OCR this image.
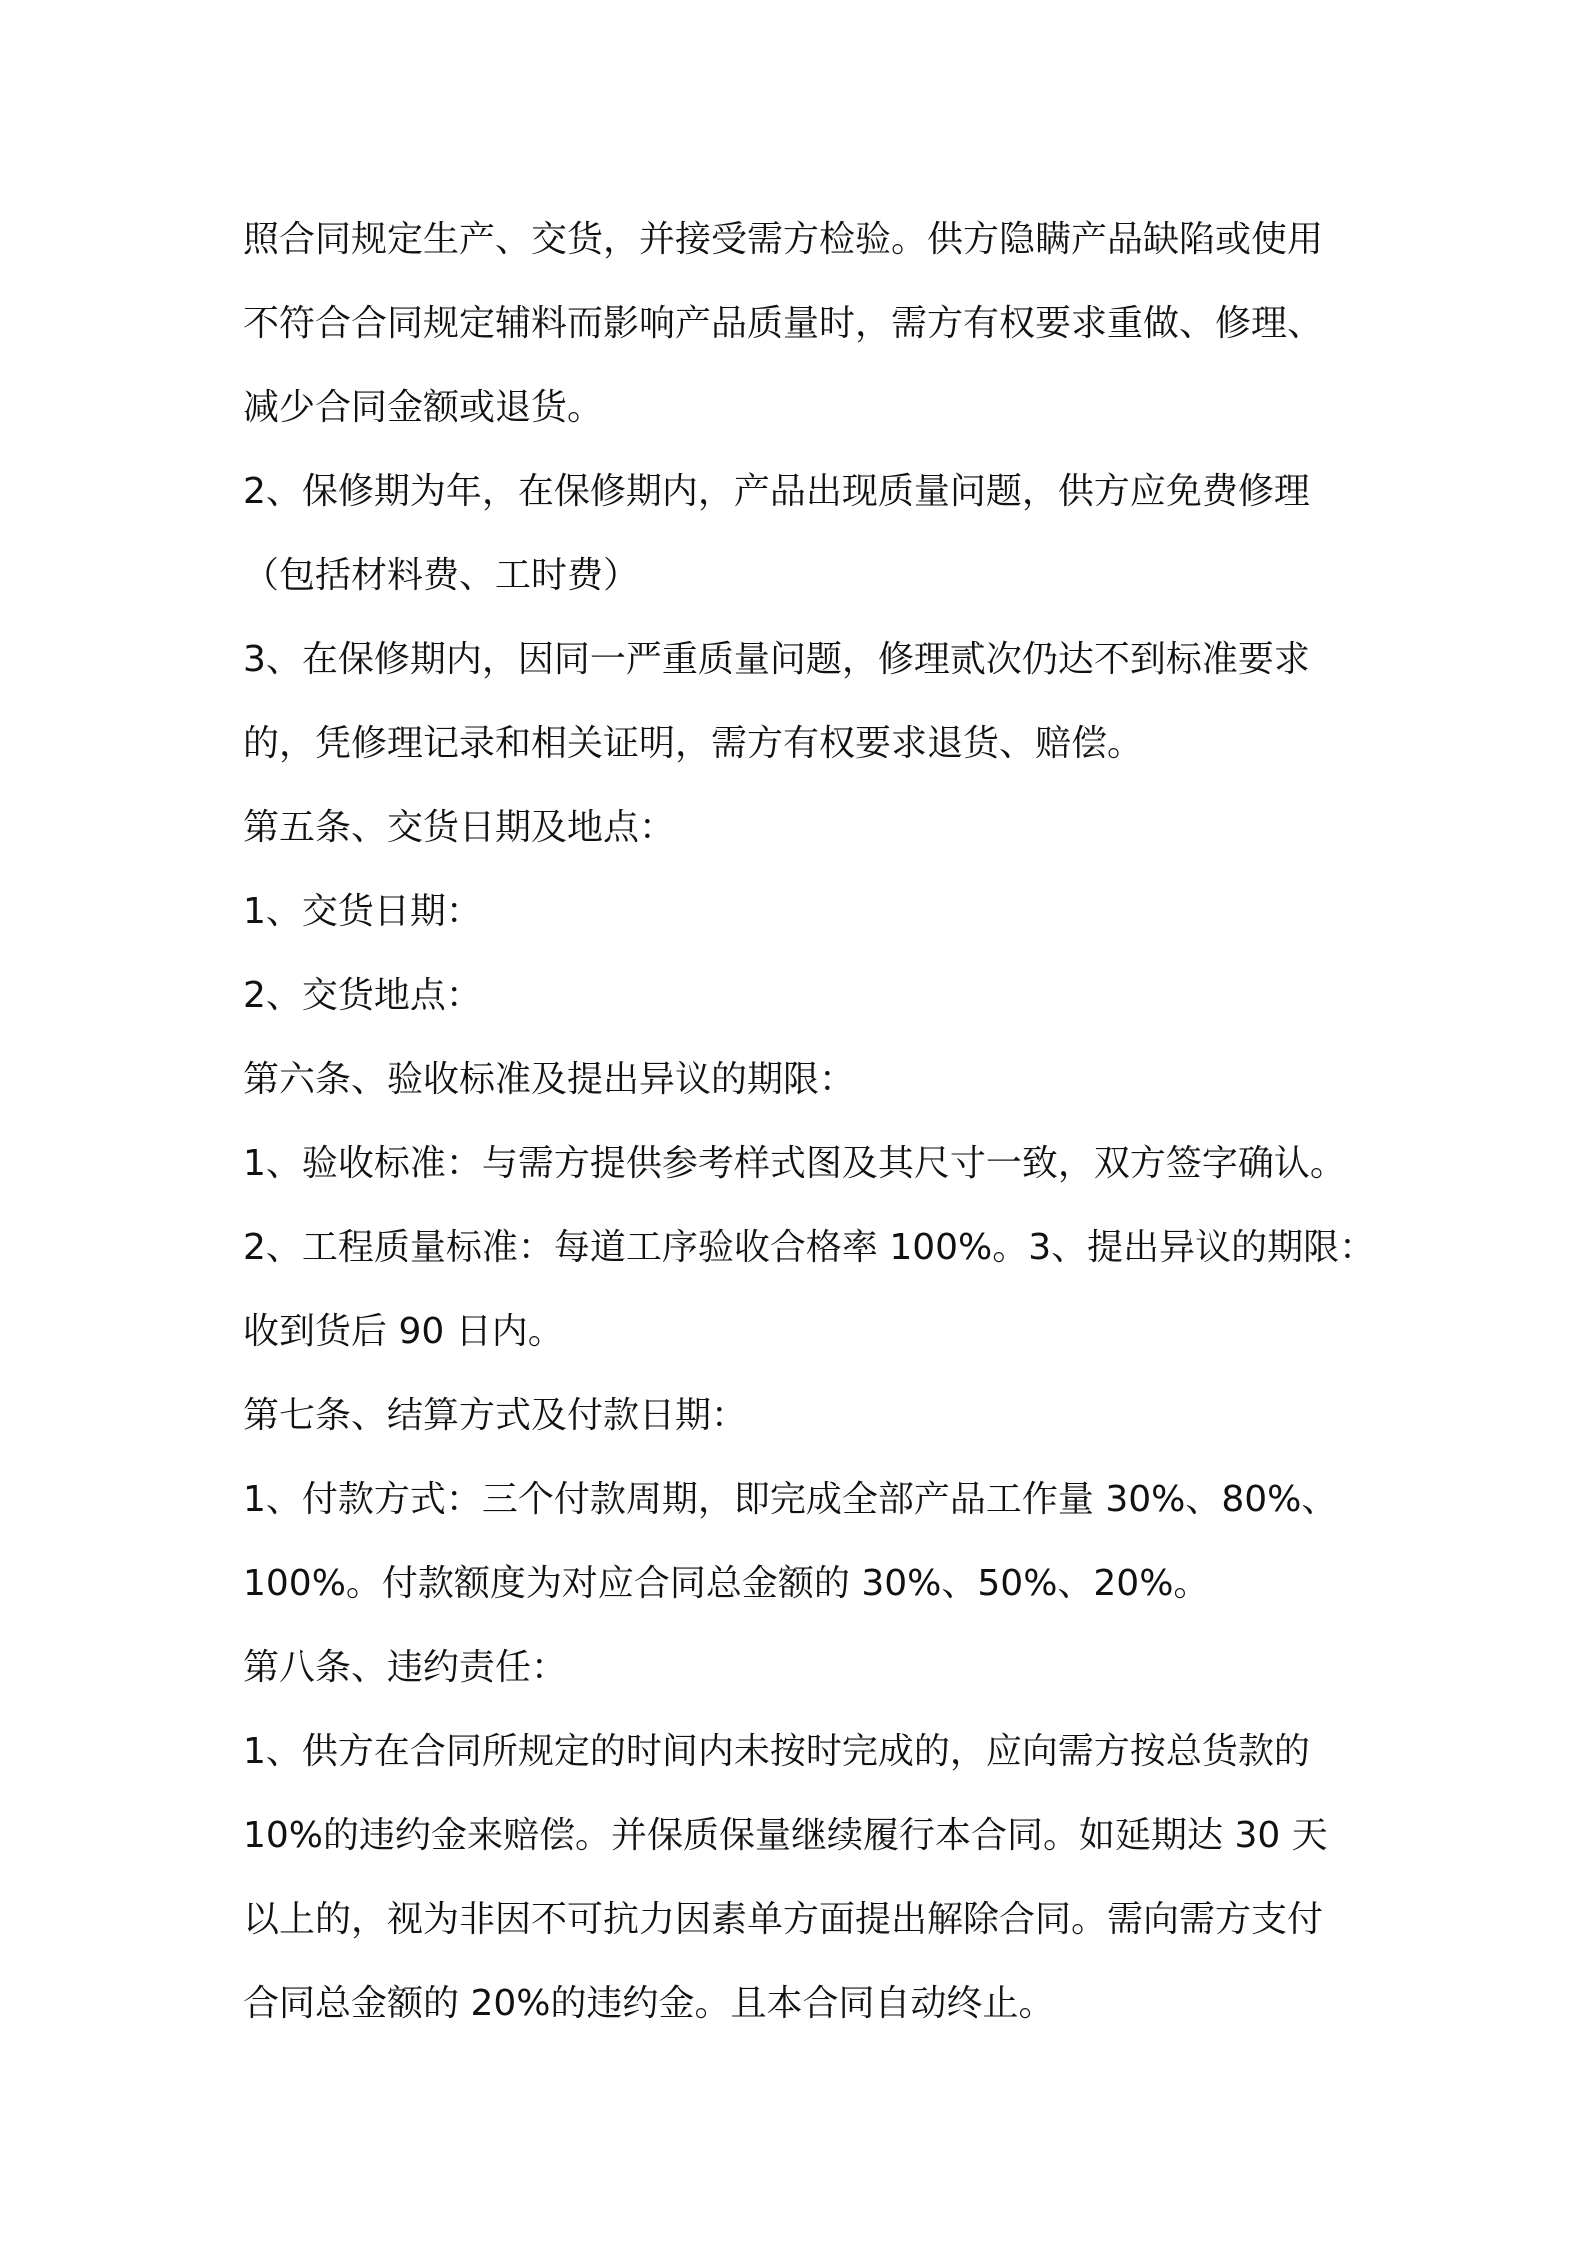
照合同规定生产、交货，并接受需方检验。供方隐瞒产品缺陷或使用
不符合合同规定辅料而影响产品质量时，需方有权要求重做、修理、
减少合同金额或退货。
2、保修期为年，在保修期内，产品出现质量问题，供方应免费修理
（包括材料费、工时费）
3、在保修期内，因同一严重质量问题，修理贰次仍达不到标准要求
的，凭修理记录和相关证明，需方有权要求退货、赔偿。
第五条、交货日期及地点：
1、交货日期：
2、交货地点：
第六条、验收标准及提出异议的期限：
1、验收标准：与需方提供参考样式图及其尺寸一致，双方签字确认。
2、工程质量标准：每道工序验收合格率 100%。3、提出异议的期限：
收到货后 90 日内。
第七条、结算方式及付款日期：
1、付款方式：三个付款周期，即完成全部产品工作量 30%、80%、
100%。付款额度为对应合同总金额的 30%、50%、20%。
第八条、违约责任：
1、供方在合同所规定的时间内未按时完成的，应向需方按总货款的
10%的违约金来赔偿。并保质保量继续履行本合同。如延期达 30 天
以上的，视为非因不可抗力因素单方面提出解除合同。需向需方支付
合同总金额的 20%的违约金。且本合同自动终止。
